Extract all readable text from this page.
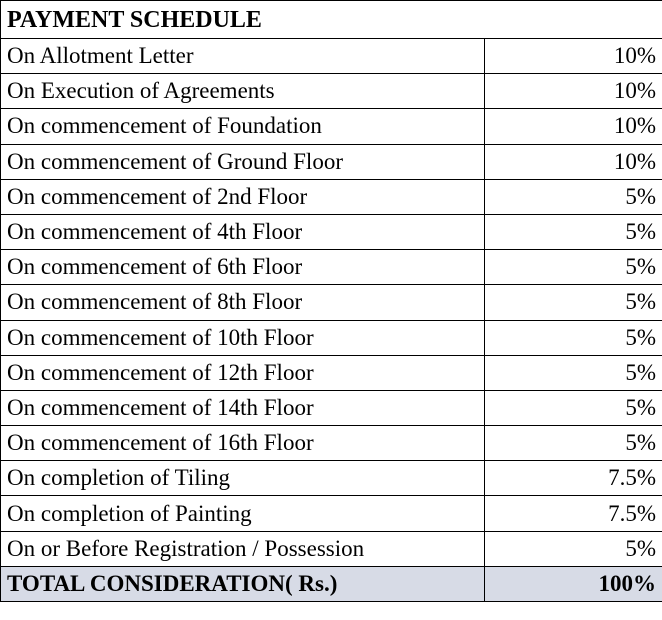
PAYMENT SCHEDULE	
On Allotment Letter	10%
On Execution of Agreements	10%
On commencement of Foundation	10%
On commencement of Ground Floor	10%
On commencement of 2nd Floor	5%
On commencement of 4th Floor	5%
On commencement of 6th Floor	5%
On commencement of 8th Floor	5%
On commencement of 10th Floor	5%
On commencement of 12th Floor	5%
On commencement of 14th Floor	5%
On commencement of 16th Floor	5%
On completion of Tiling	7.5%
On completion of Painting	7.5%
On or Before Registration / Possession	5%
TOTAL CONSIDERATION( Rs.)	100%
